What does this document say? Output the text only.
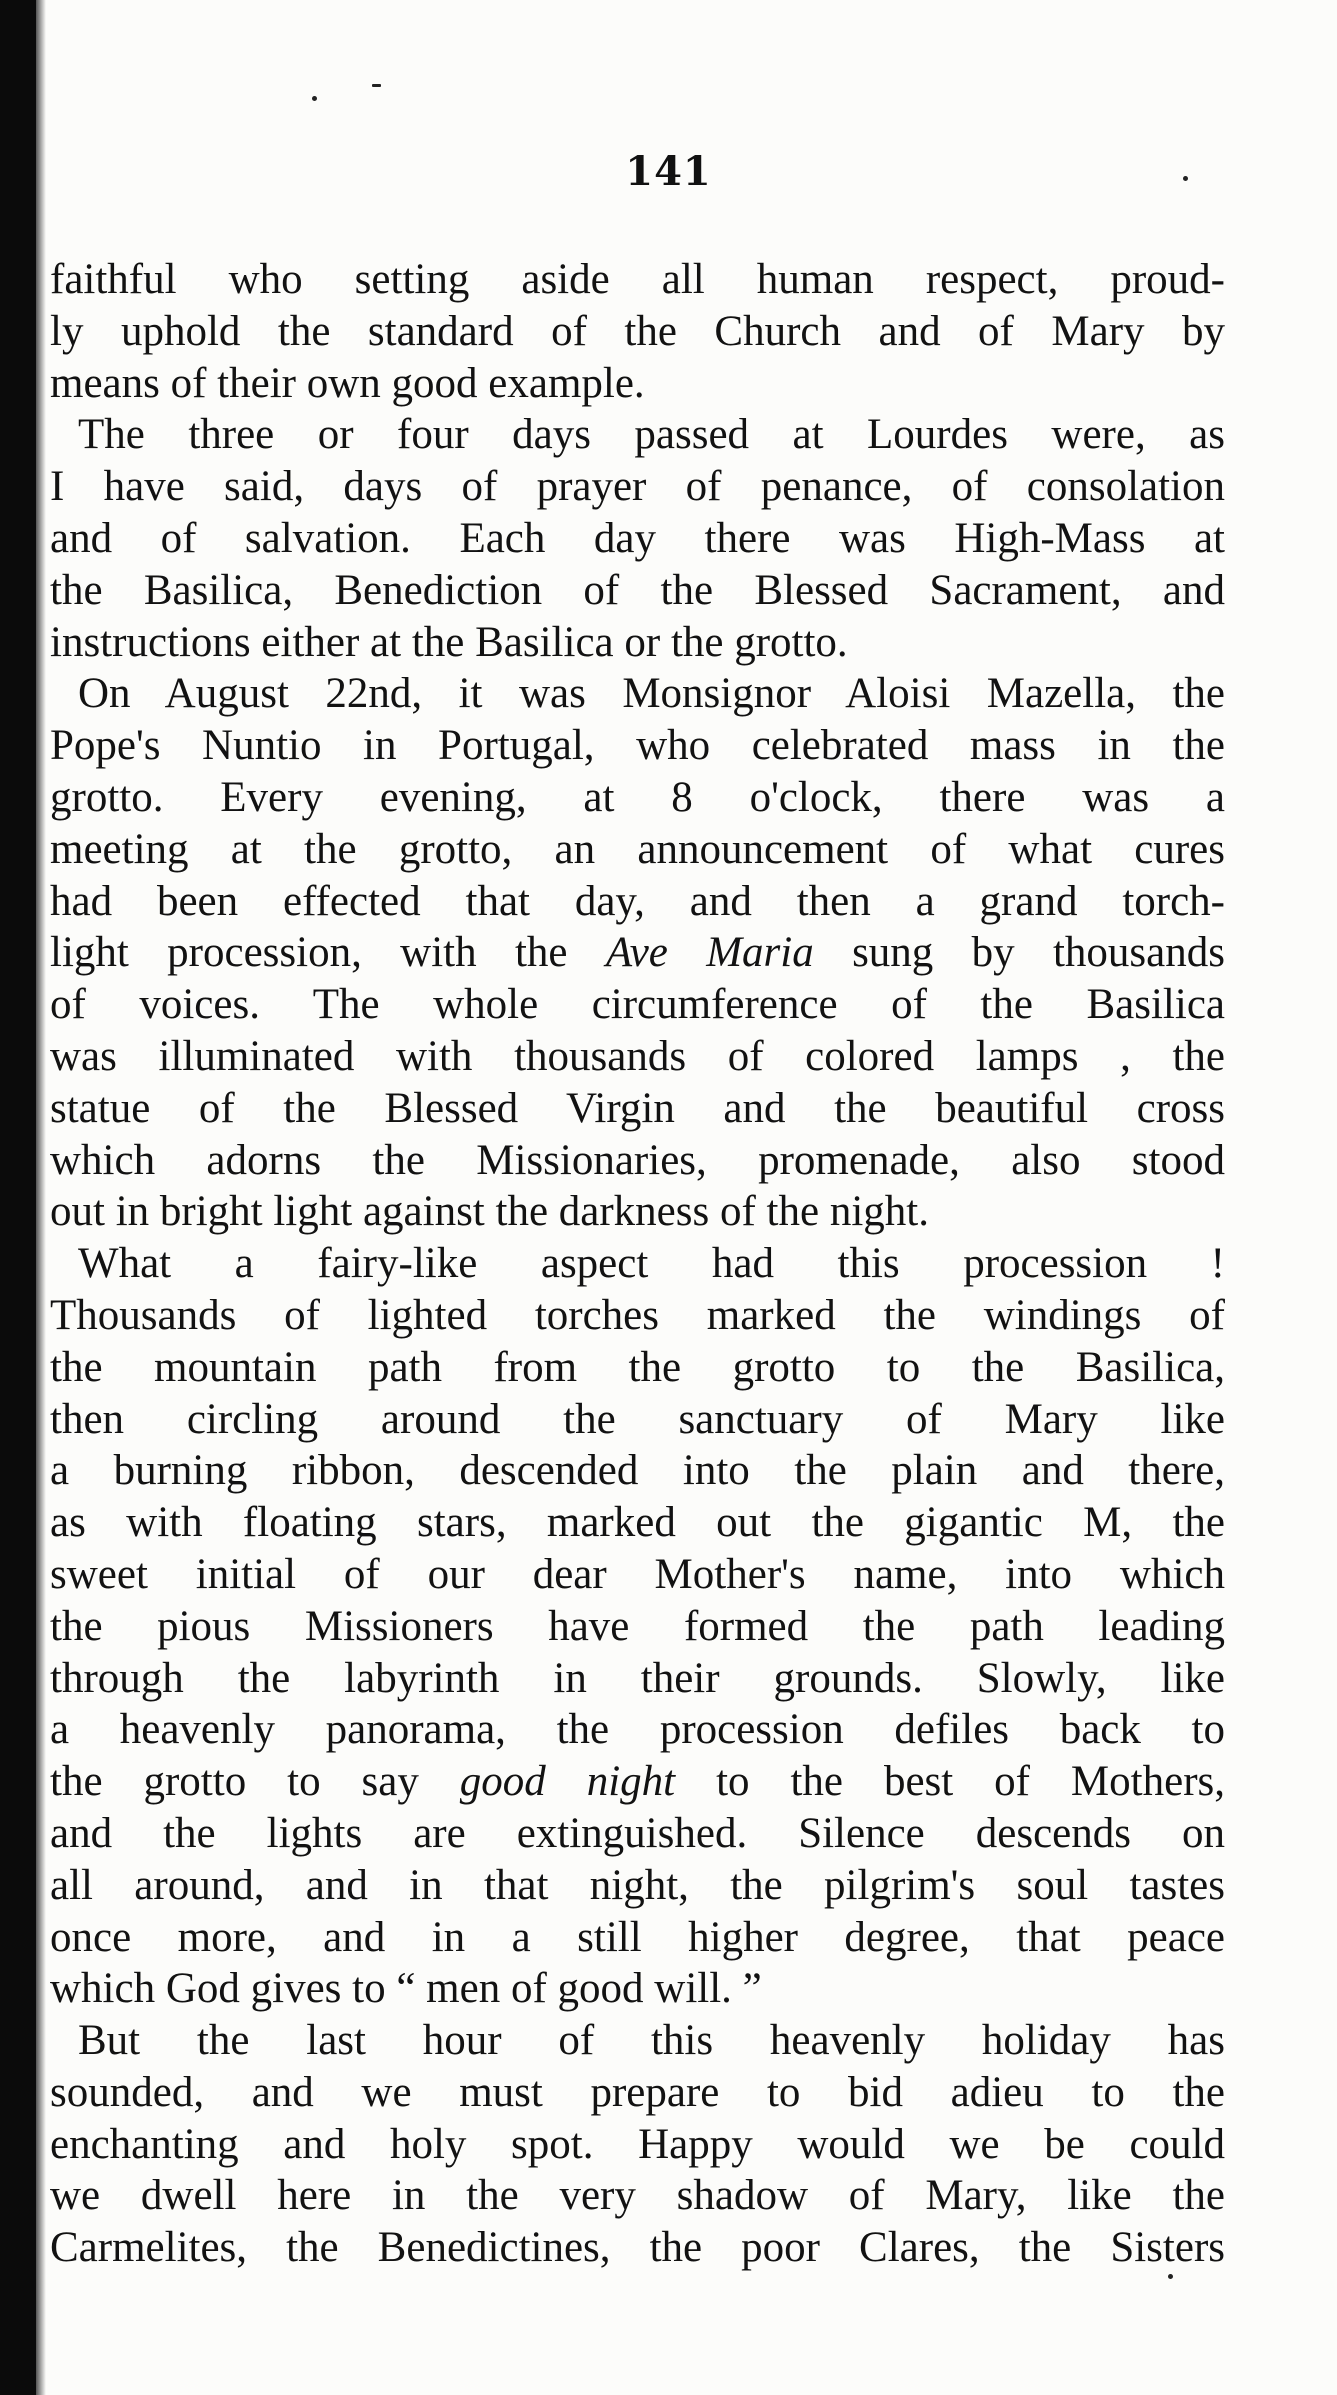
141
faithful who setting aside all human respect, proud-
ly uphold the standard of the Church and of Mary by
means of their own good example.
The three or four days passed at Lourdes were, as
I have said, days of prayer of penance, of consolation
and of salvation. Each day there was High-Mass at
the Basilica, Benediction of the Blessed Sacrament, and
instructions either at the Basilica or the grotto.
On August 22nd, it was Monsignor Aloisi Mazella, the
Pope's Nuntio in Portugal, who celebrated mass in the
grotto. Every evening, at 8 o'clock, there was a
meeting at the grotto, an announcement of what cures
had been effected that day, and then a grand torch-
light procession, with the Ave Maria sung by thousands
of voices. The whole circumference of the Basilica
was illuminated with thousands of colored lamps , the
statue of the Blessed Virgin and the beautiful cross
which adorns the Missionaries, promenade, also stood
out in bright light against the darkness of the night.
What a fairy-like aspect had this procession !
Thousands of lighted torches marked the windings of
the mountain path from the grotto to the Basilica,
then circling around the sanctuary of Mary like
a burning ribbon, descended into the plain and there,
as with floating stars, marked out the gigantic M, the
sweet initial of our dear Mother's name, into which
the pious Missioners have formed the path leading
through the labyrinth in their grounds. Slowly, like
a heavenly panorama, the procession defiles back to
the grotto to say good night to the best of Mothers,
and the lights are extinguished. Silence descends on
all around, and in that night, the pilgrim's soul tastes
once more, and in a still higher degree, that peace
which God gives to “ men of good will. ”
But the last hour of this heavenly holiday has
sounded, and we must prepare to bid adieu to the
enchanting and holy spot. Happy would we be could
we dwell here in the very shadow of Mary, like the
Carmelites, the Benedictines, the poor Clares, the Sisters
